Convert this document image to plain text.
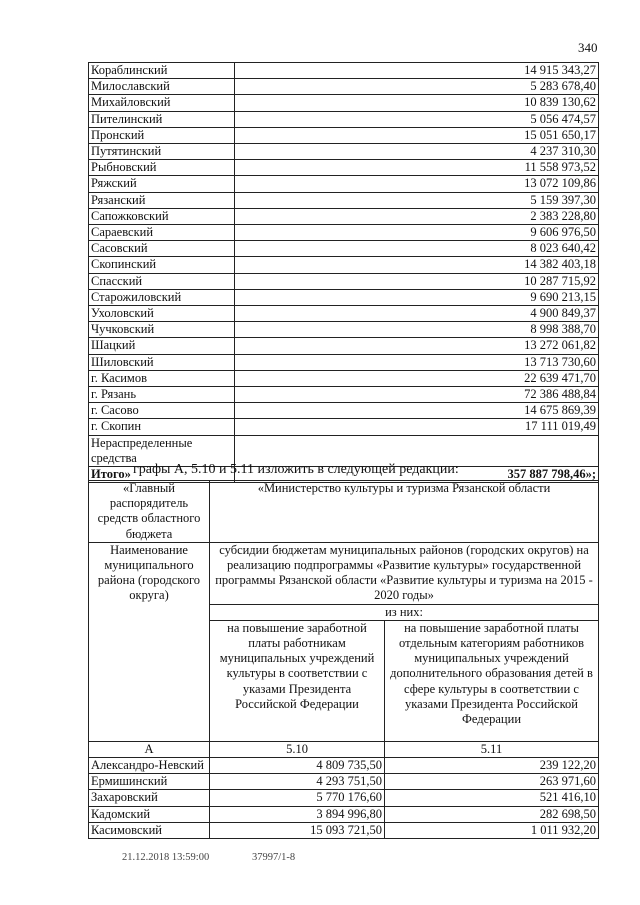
340
Кораблинский	14 915 343,27
Милославский	5 283 678,40
Михайловский	10 839 130,62
Пителинский	5 056 474,57
Пронский	15 051 650,17
Путятинский	4 237 310,30
Рыбновский	11 558 973,52
Ряжский	13 072 109,86
Рязанский	5 159 397,30
Сапожковский	2 383 228,80
Сараевский	9 606 976,50
Сасовский	8 023 640,42
Скопинский	14 382 403,18
Спасский	10 287 715,92
Старожиловский	9 690 213,15
Ухоловский	4 900 849,37
Чучковский	8 998 388,70
Шацкий	13 272 061,82
Шиловский	13 713 730,60
г. Касимов	22 639 471,70
г. Рязань	72 386 488,84
г. Сасово	14 675 869,39
г. Скопин	17 111 019,49
Нераспределенные средства	
Итого»	357 887 798,46»;
графы А, 5.10 и 5.11 изложить в следующей редакции:
«Главный распорядитель средств областного бюджета	«Министерство культуры и туризма Рязанской области	
Наименование муниципального района (городского округа)	субсидии бюджетам муниципальных районов (городских округов) на реализацию подпрограммы «Развитие культуры» государственной программы Рязанской области «Развитие культуры и туризма на 2015 - 2020 годы»	
	из них:	
	на повышение заработной платы работникам муниципальных учреждений культуры в соответствии с указами Президента Российской Федерации	на повышение заработной платы отдельным категориям работников муниципальных учреждений дополнительного образования детей в сфере культуры в соответствии с указами Президента Российской Федерации
А	5.10	5.11
Александро-Невский	4 809 735,50	239 122,20
Ермишинский	4 293 751,50	263 971,60
Захаровский	5 770 176,60	521 416,10
Кадомский	3 894 996,80	282 698,50
Касимовский	15 093 721,50	1 011 932,20
21.12.2018 13:59:00	37997/1-8
